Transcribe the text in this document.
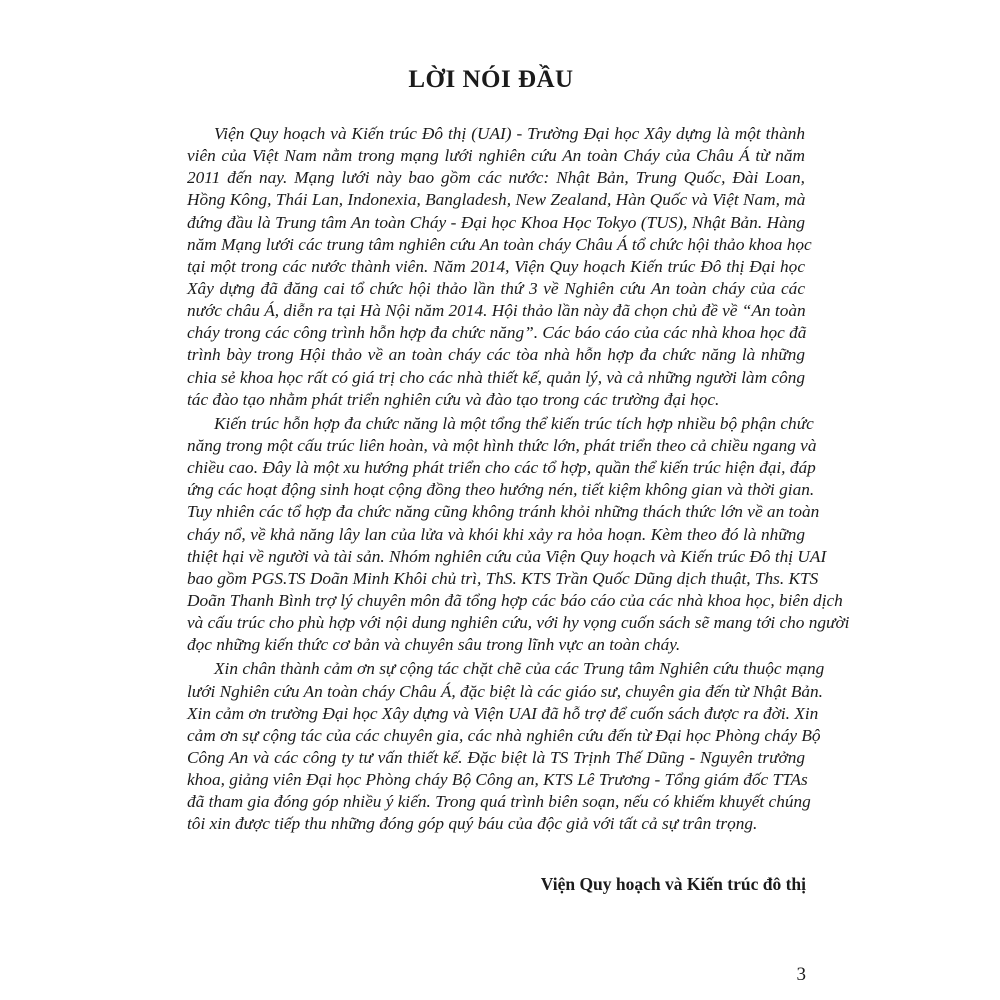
LỜI NÓI ĐẦU
Viện Quy hoạch và Kiến trúc Đô thị (UAI) - Trường Đại học Xây dựng là một thành
viên của Việt Nam nằm trong mạng lưới nghiên cứu An toàn Cháy của Châu Á từ năm
2011 đến nay. Mạng lưới này bao gồm các nước: Nhật Bản, Trung Quốc, Đài Loan,
Hồng Kông, Thái Lan, Indonexia, Bangladesh, New Zealand, Hàn Quốc và Việt Nam, mà
đứng đầu là Trung tâm An toàn Cháy - Đại học Khoa Học Tokyo (TUS), Nhật Bản. Hàng
năm Mạng lưới các trung tâm nghiên cứu An toàn cháy Châu Á tổ chức hội thảo khoa học
tại một trong các nước thành viên. Năm 2014, Viện Quy hoạch Kiến trúc Đô thị Đại học
Xây dựng đã đăng cai tổ chức hội thảo lần thứ 3 về Nghiên cứu An toàn cháy của các
nước châu Á, diễn ra tại Hà Nội năm 2014. Hội thảo lần này đã chọn chủ đề về “An toàn
cháy trong các công trình hỗn hợp đa chức năng”. Các báo cáo của các nhà khoa học đã
trình bày trong Hội thảo về an toàn cháy các tòa nhà hỗn hợp đa chức năng là những
chia sẻ khoa học rất có giá trị cho các nhà thiết kế, quản lý, và cả những người làm công
tác đào tạo nhằm phát triển nghiên cứu và đào tạo trong các trường đại học.
Kiến trúc hỗn hợp đa chức năng là một tổng thể kiến trúc tích hợp nhiều bộ phận chức
năng trong một cấu trúc liên hoàn, và một hình thức lớn, phát triển theo cả chiều ngang và
chiều cao. Đây là một xu hướng phát triển cho các tổ hợp, quần thể kiến trúc hiện đại, đáp
ứng các hoạt động sinh hoạt cộng đồng theo hướng nén, tiết kiệm không gian và thời gian.
Tuy nhiên các tổ hợp đa chức năng cũng không tránh khỏi những thách thức lớn về an toàn
cháy nổ, về khả năng lây lan của lửa và khói khi xảy ra hỏa hoạn. Kèm theo đó là những
thiệt hại về người và tài sản. Nhóm nghiên cứu của Viện Quy hoạch và Kiến trúc Đô thị UAI
bao gồm PGS.TS Doãn Minh Khôi chủ trì, ThS. KTS Trần Quốc Dũng dịch thuật, Ths. KTS
Doãn Thanh Bình trợ lý chuyên môn đã tổng hợp các báo cáo của các nhà khoa học, biên dịch
và cấu trúc cho phù hợp với nội dung nghiên cứu, với hy vọng cuốn sách sẽ mang tới cho người
đọc những kiến thức cơ bản và chuyên sâu trong lĩnh vực an toàn cháy.
Xin chân thành cảm ơn sự cộng tác chặt chẽ của các Trung tâm Nghiên cứu thuộc mạng
lưới Nghiên cứu An toàn cháy Châu Á, đặc biệt là các giáo sư, chuyên gia đến từ Nhật Bản.
Xin cảm ơn trường Đại học Xây dựng và Viện UAI đã hỗ trợ để cuốn sách được ra đời. Xin
cảm ơn sự cộng tác của các chuyên gia, các nhà nghiên cứu đến từ Đại học Phòng cháy Bộ
Công An và các công ty tư vấn thiết kế. Đặc biệt là TS Trịnh Thế Dũng - Nguyên trưởng
khoa, giảng viên Đại học Phòng cháy Bộ Công an, KTS Lê Trương - Tổng giám đốc TTAs
đã tham gia đóng góp nhiều ý kiến. Trong quá trình biên soạn, nếu có khiếm khuyết chúng
tôi xin được tiếp thu những đóng góp quý báu của độc giả với tất cả sự trân trọng.
Viện Quy hoạch và Kiến trúc đô thị
3
